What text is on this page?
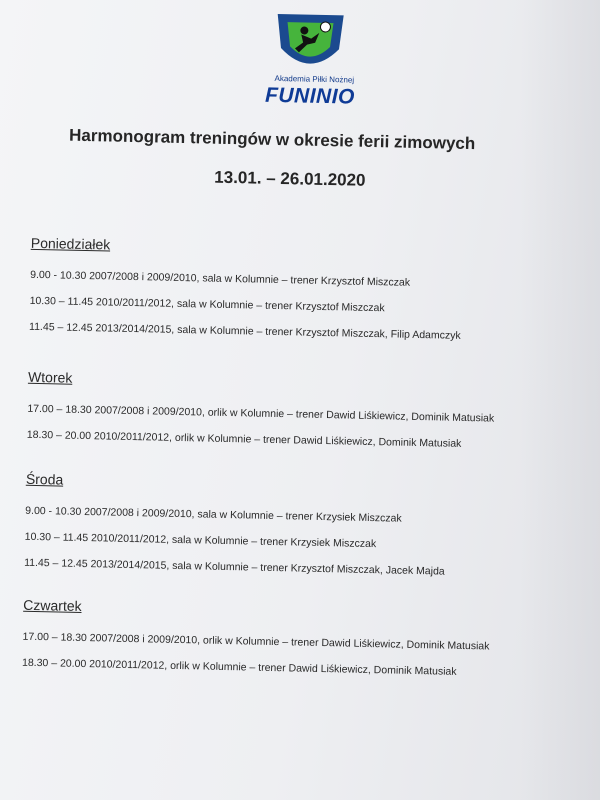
Akademia Piłki Nożnej
FUNINIO
Harmonogram treningów w okresie ferii zimowych
13.01. – 26.01.2020
Poniedziałek
9.00 - 10.30 2007/2008 i 2009/2010, sala w Kolumnie – trener Krzysztof Miszczak
10.30 – 11.45 2010/2011/2012, sala w Kolumnie – trener Krzysztof Miszczak
11.45 – 12.45 2013/2014/2015, sala w Kolumnie – trener Krzysztof Miszczak, Filip Adamczyk
Wtorek
17.00 – 18.30 2007/2008 i 2009/2010, orlik w Kolumnie – trener Dawid Liśkiewicz, Dominik Matusiak
18.30 – 20.00 2010/2011/2012, orlik w Kolumnie – trener Dawid Liśkiewicz, Dominik Matusiak
Środa
9.00 - 10.30 2007/2008 i 2009/2010, sala w Kolumnie – trener Krzysiek Miszczak
10.30 – 11.45 2010/2011/2012, sala w Kolumnie – trener Krzysiek Miszczak
11.45 – 12.45 2013/2014/2015, sala w Kolumnie – trener Krzysztof Miszczak, Jacek Majda
Czwartek
17.00 – 18.30 2007/2008 i 2009/2010, orlik w Kolumnie – trener Dawid Liśkiewicz, Dominik Matusiak
18.30 – 20.00 2010/2011/2012, orlik w Kolumnie – trener Dawid Liśkiewicz, Dominik Matusiak
